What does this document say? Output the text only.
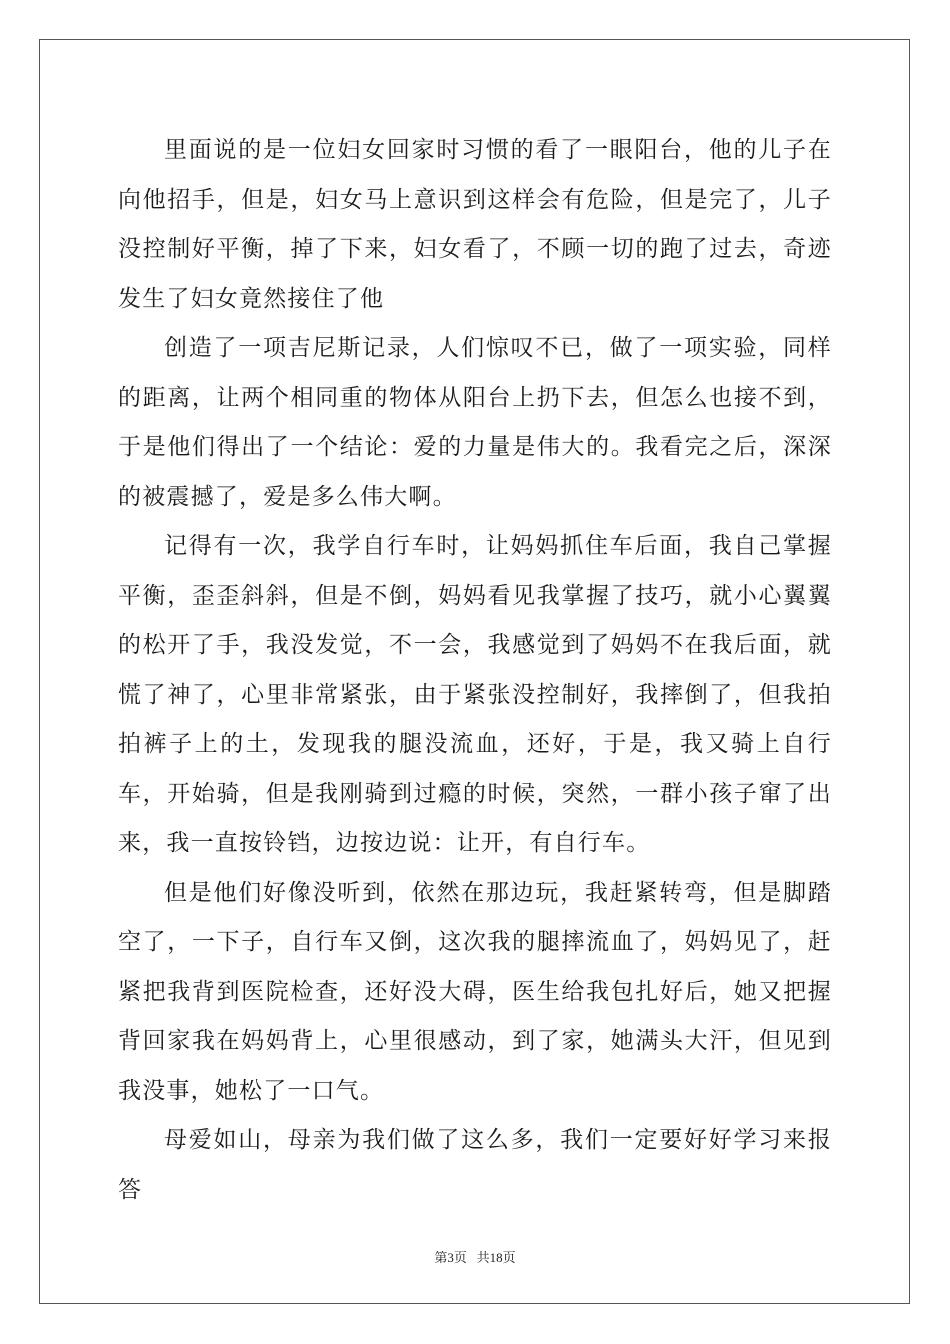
里面说的是一位妇女回家时习惯的看了一眼阳台，他的儿子在向他招手，但是，妇女马上意识到这样会有危险，但是完了，儿子没控制好平衡，掉了下来，妇女看了，不顾一切的跑了过去，奇迹发生了妇女竟然接住了他

创造了一项吉尼斯记录，人们惊叹不已，做了一项实验，同样的距离，让两个相同重的物体从阳台上扔下去，但怎么也接不到，于是他们得出了一个结论：爱的力量是伟大的。我看完之后，深深的被震撼了，爱是多么伟大啊。

记得有一次，我学自行车时，让妈妈抓住车后面，我自己掌握平衡，歪歪斜斜，但是不倒，妈妈看见我掌握了技巧，就小心翼翼的松开了手，我没发觉，不一会，我感觉到了妈妈不在我后面，就慌了神了，心里非常紧张，由于紧张没控制好，我摔倒了，但我拍拍裤子上的土，发现我的腿没流血，还好，于是，我又骑上自行车，开始骑，但是我刚骑到过瘾的时候，突然，一群小孩子窜了出来，我一直按铃铛，边按边说：让开，有自行车。

但是他们好像没听到，依然在那边玩，我赶紧转弯，但是脚踏空了，一下子，自行车又倒，这次我的腿摔流血了，妈妈见了，赶紧把我背到医院检查，还好没大碍，医生给我包扎好后，她又把握背回家我在妈妈背上，心里很感动，到了家，她满头大汗，但见到我没事，她松了一口气。

母爱如山，母亲为我们做了这么多，我们一定要好好学习来报答

第3页 共18页
